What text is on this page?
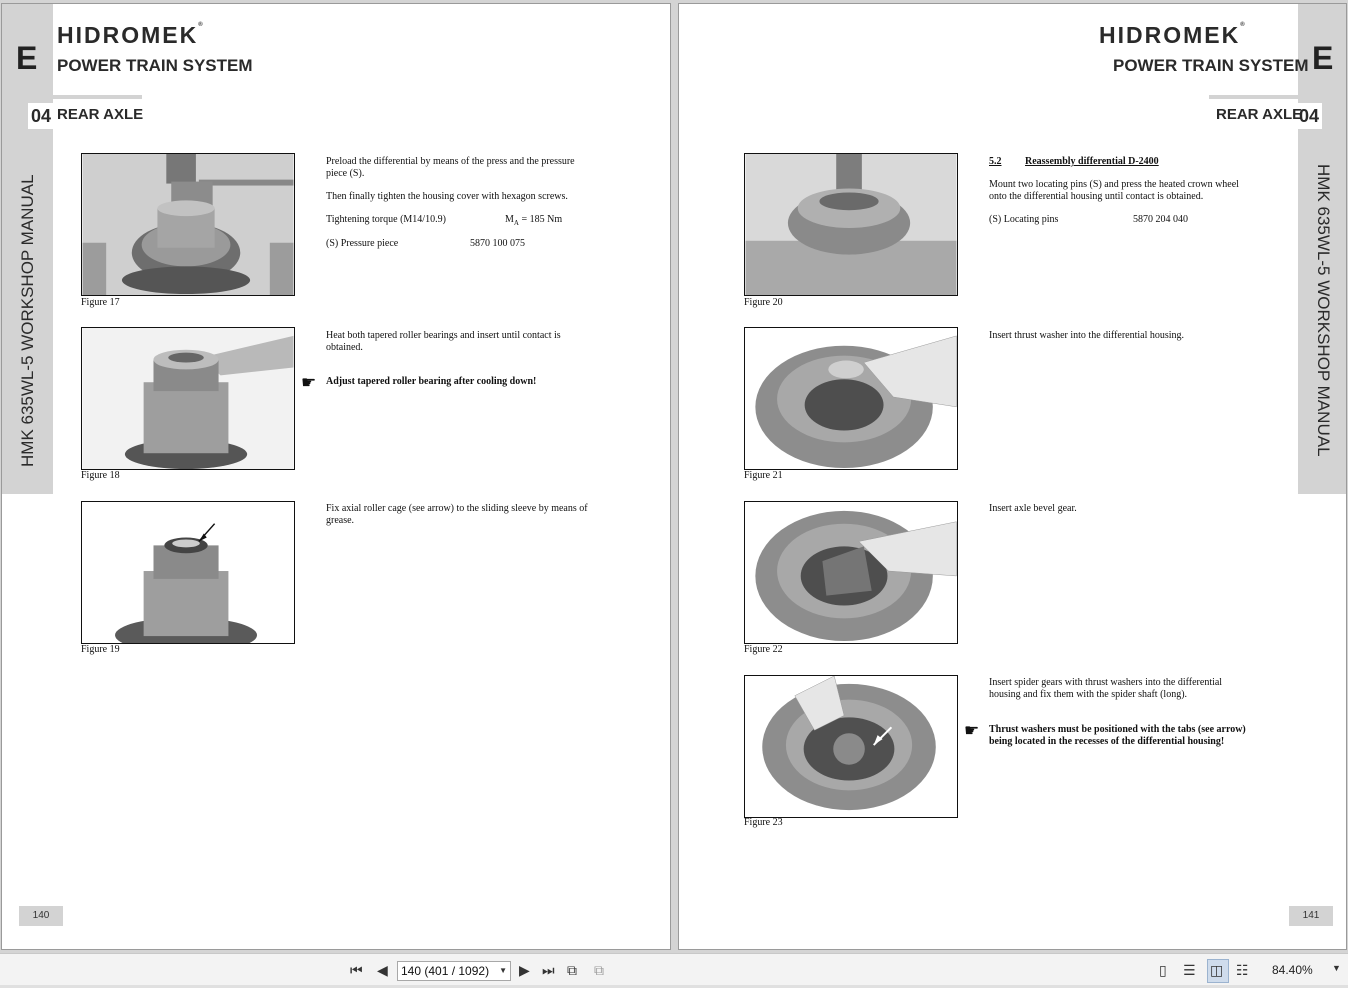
E
HIDROMEK®
POWER TRAIN SYSTEM
04 REAR AXLE
HMK 635WL-5 WORKSHOP MANUAL	Figure 17
Preload the differential by means of the press and the pressure piece (S).
Then finally tighten the housing cover with hexagon screws.
Tightening torque (M14/10.9)	$M_A = 185$ Nm
(S) Pressure piece	5870 100 075
Figure 18
Heat both tapered roller bearings and insert until contact is obtained.
☛ Adjust tapered roller bearing after cooling down!
Figure 19
Fix axial roller cage (see arrow) to the sliding sleeve by means of grease.
140
E
HIDROMEK®
POWER TRAIN SYSTEM
04
REAR AXLE
HMK 635WL-5 WORKSHOP MANUAL
Figure 20
5.2 Reassembly differential D-2400
Mount two locating pins (S) and press the heated crown wheel onto the differential housing until contact is obtained.
(S) Locating pins	5870 204 040
Figure 21
Insert thrust washer into the differential housing.
Figure 22
Insert axle bevel gear.
Figure 23
Insert spider gears with thrust washers into the differential housing and fix them with the spider shaft (long).
☛ Thrust washers must be positioned with the tabs (see arrow) being located in the recesses of the differential housing!
141
⏮ ◀	140 (401 / 1092) ▼ ▶ ⏭ ⧉ ⧉	▯ ☰ ◫ ☷ 84.40% ▼
